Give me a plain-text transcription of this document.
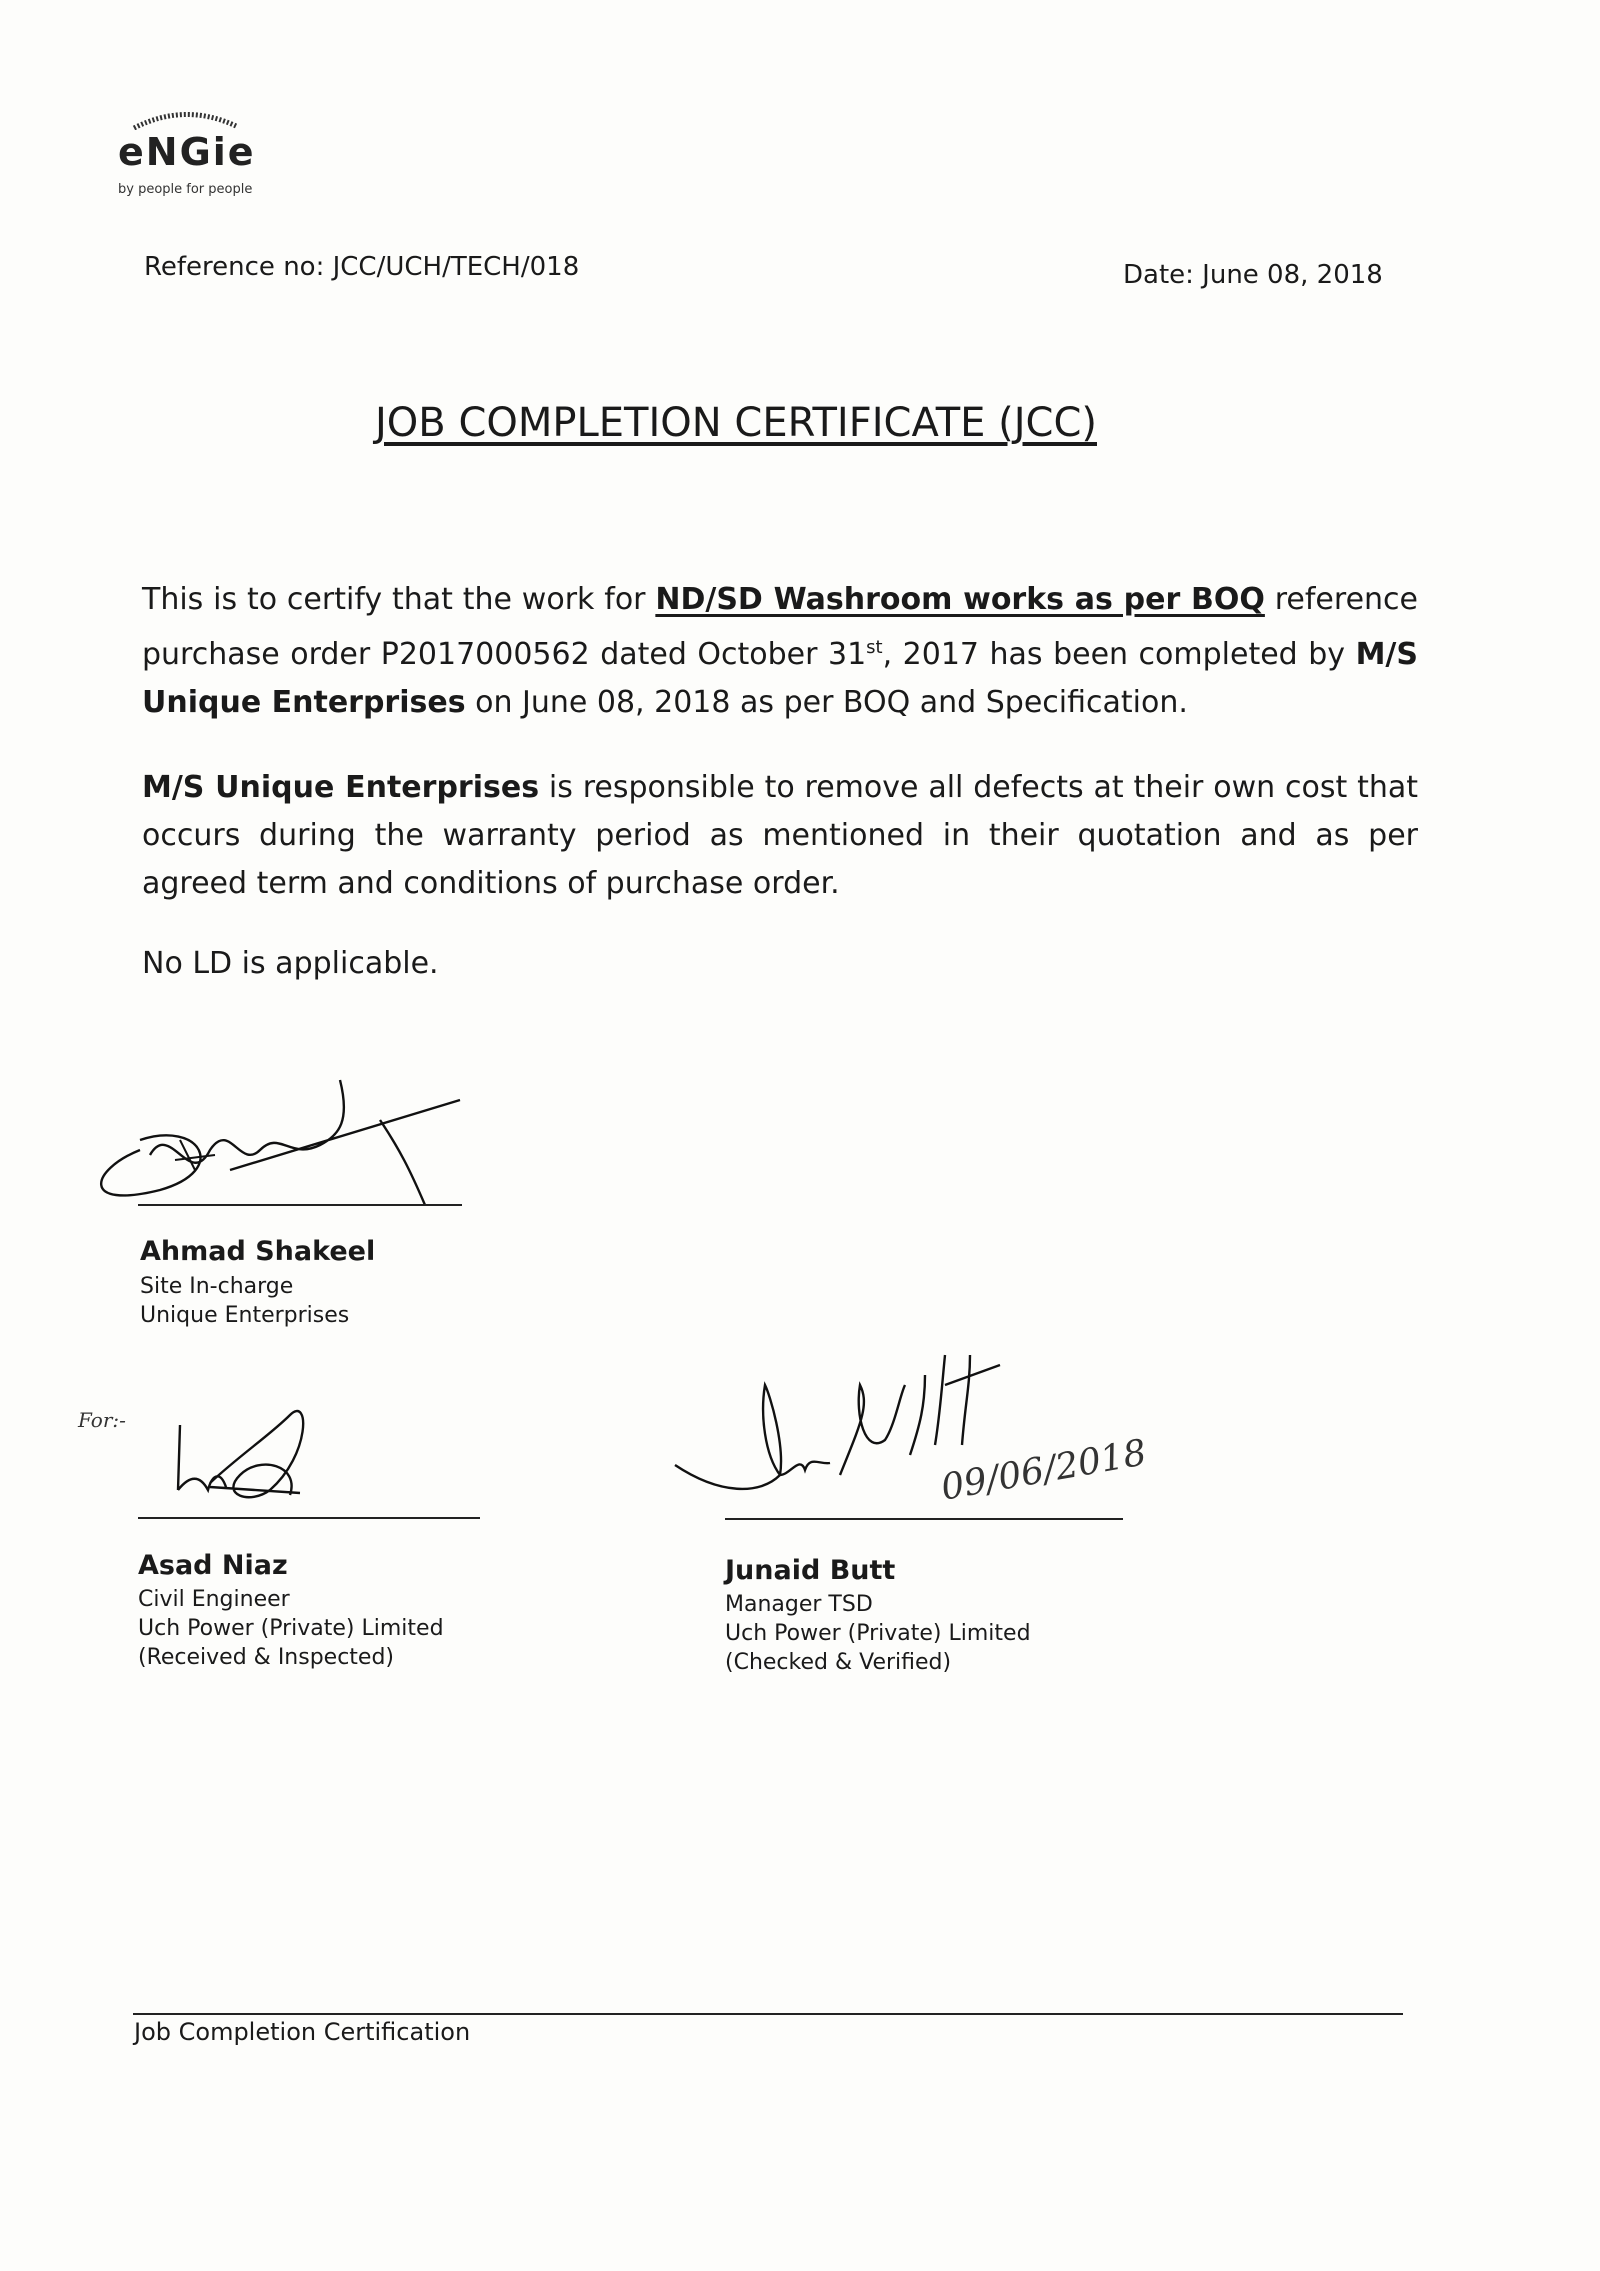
eNGie
by people for people
Reference no: JCC/UCH/TECH/018	Date: June 08, 2018
JOB COMPLETION CERTIFICATE (JCC)
This is to certify that the work for ND/SD Washroom works as per BOQ reference purchase order P2017000562 dated October 31st, 2017 has been completed by M/S Unique Enterprises on June 08, 2018 as per BOQ and Specification.
M/S Unique Enterprises is responsible to remove all defects at their own cost that occurs during the warranty period as mentioned in their quotation and as per agreed term and conditions of purchase order.
No LD is applicable.
Ahmad Shakeel
Site In-charge
Unique Enterprises
For:-
Asad Niaz
Civil Engineer
Uch Power (Private) Limited
(Received & Inspected)
09/06/2018
Junaid Butt
Manager TSD
Uch Power (Private) Limited
(Checked & Verified)
Job Completion Certification
